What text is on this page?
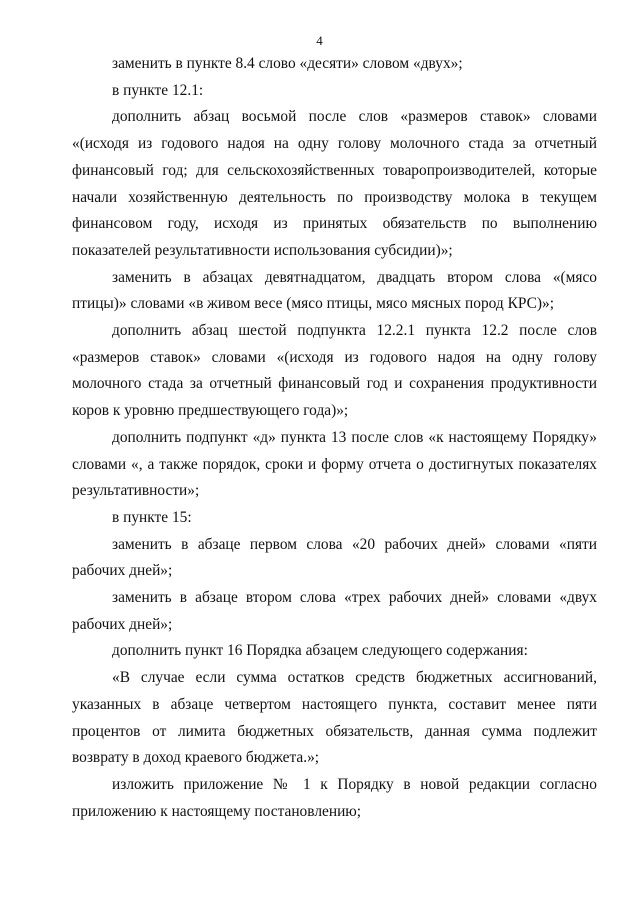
4

заменить в пункте 8.4 слово «десяти» словом «двух»;

в пункте 12.1:

дополнить абзац восьмой после слов «размеров ставок» словами «(исходя из годового надоя на одну голову молочного стада за отчетный финансовый год; для сельскохозяйственных товаропроизводителей, которые начали хозяйственную деятельность по производству молока в текущем финансовом году, исходя из принятых обязательств по выполнению показателей результативности использования субсидии)»;

заменить в абзацах девятнадцатом, двадцать втором слова «(мясо птицы)» словами «в живом весе (мясо птицы, мясо мясных пород КРС)»;

дополнить абзац шестой подпункта 12.2.1 пункта 12.2 после слов «размеров ставок» словами «(исходя из годового надоя на одну голову молочного стада за отчетный финансовый год и сохранения продуктивности коров к уровню предшествующего года)»;

дополнить подпункт «д» пункта 13 после слов «к настоящему Порядку» словами «, а также порядок, сроки и форму отчета о достигнутых показателях результативности»;

в пункте 15:

заменить в абзаце первом слова «20 рабочих дней» словами «пяти рабочих дней»;

заменить в абзаце втором слова «трех рабочих дней» словами «двух рабочих дней»;

дополнить пункт 16 Порядка абзацем следующего содержания:

«В случае если сумма остатков средств бюджетных ассигнований, указанных в абзаце четвертом настоящего пункта, составит менее пяти процентов от лимита бюджетных обязательств, данная сумма подлежит возврату в доход краевого бюджета.»;

изложить приложение № 1 к Порядку в новой редакции согласно приложению к настоящему постановлению;
